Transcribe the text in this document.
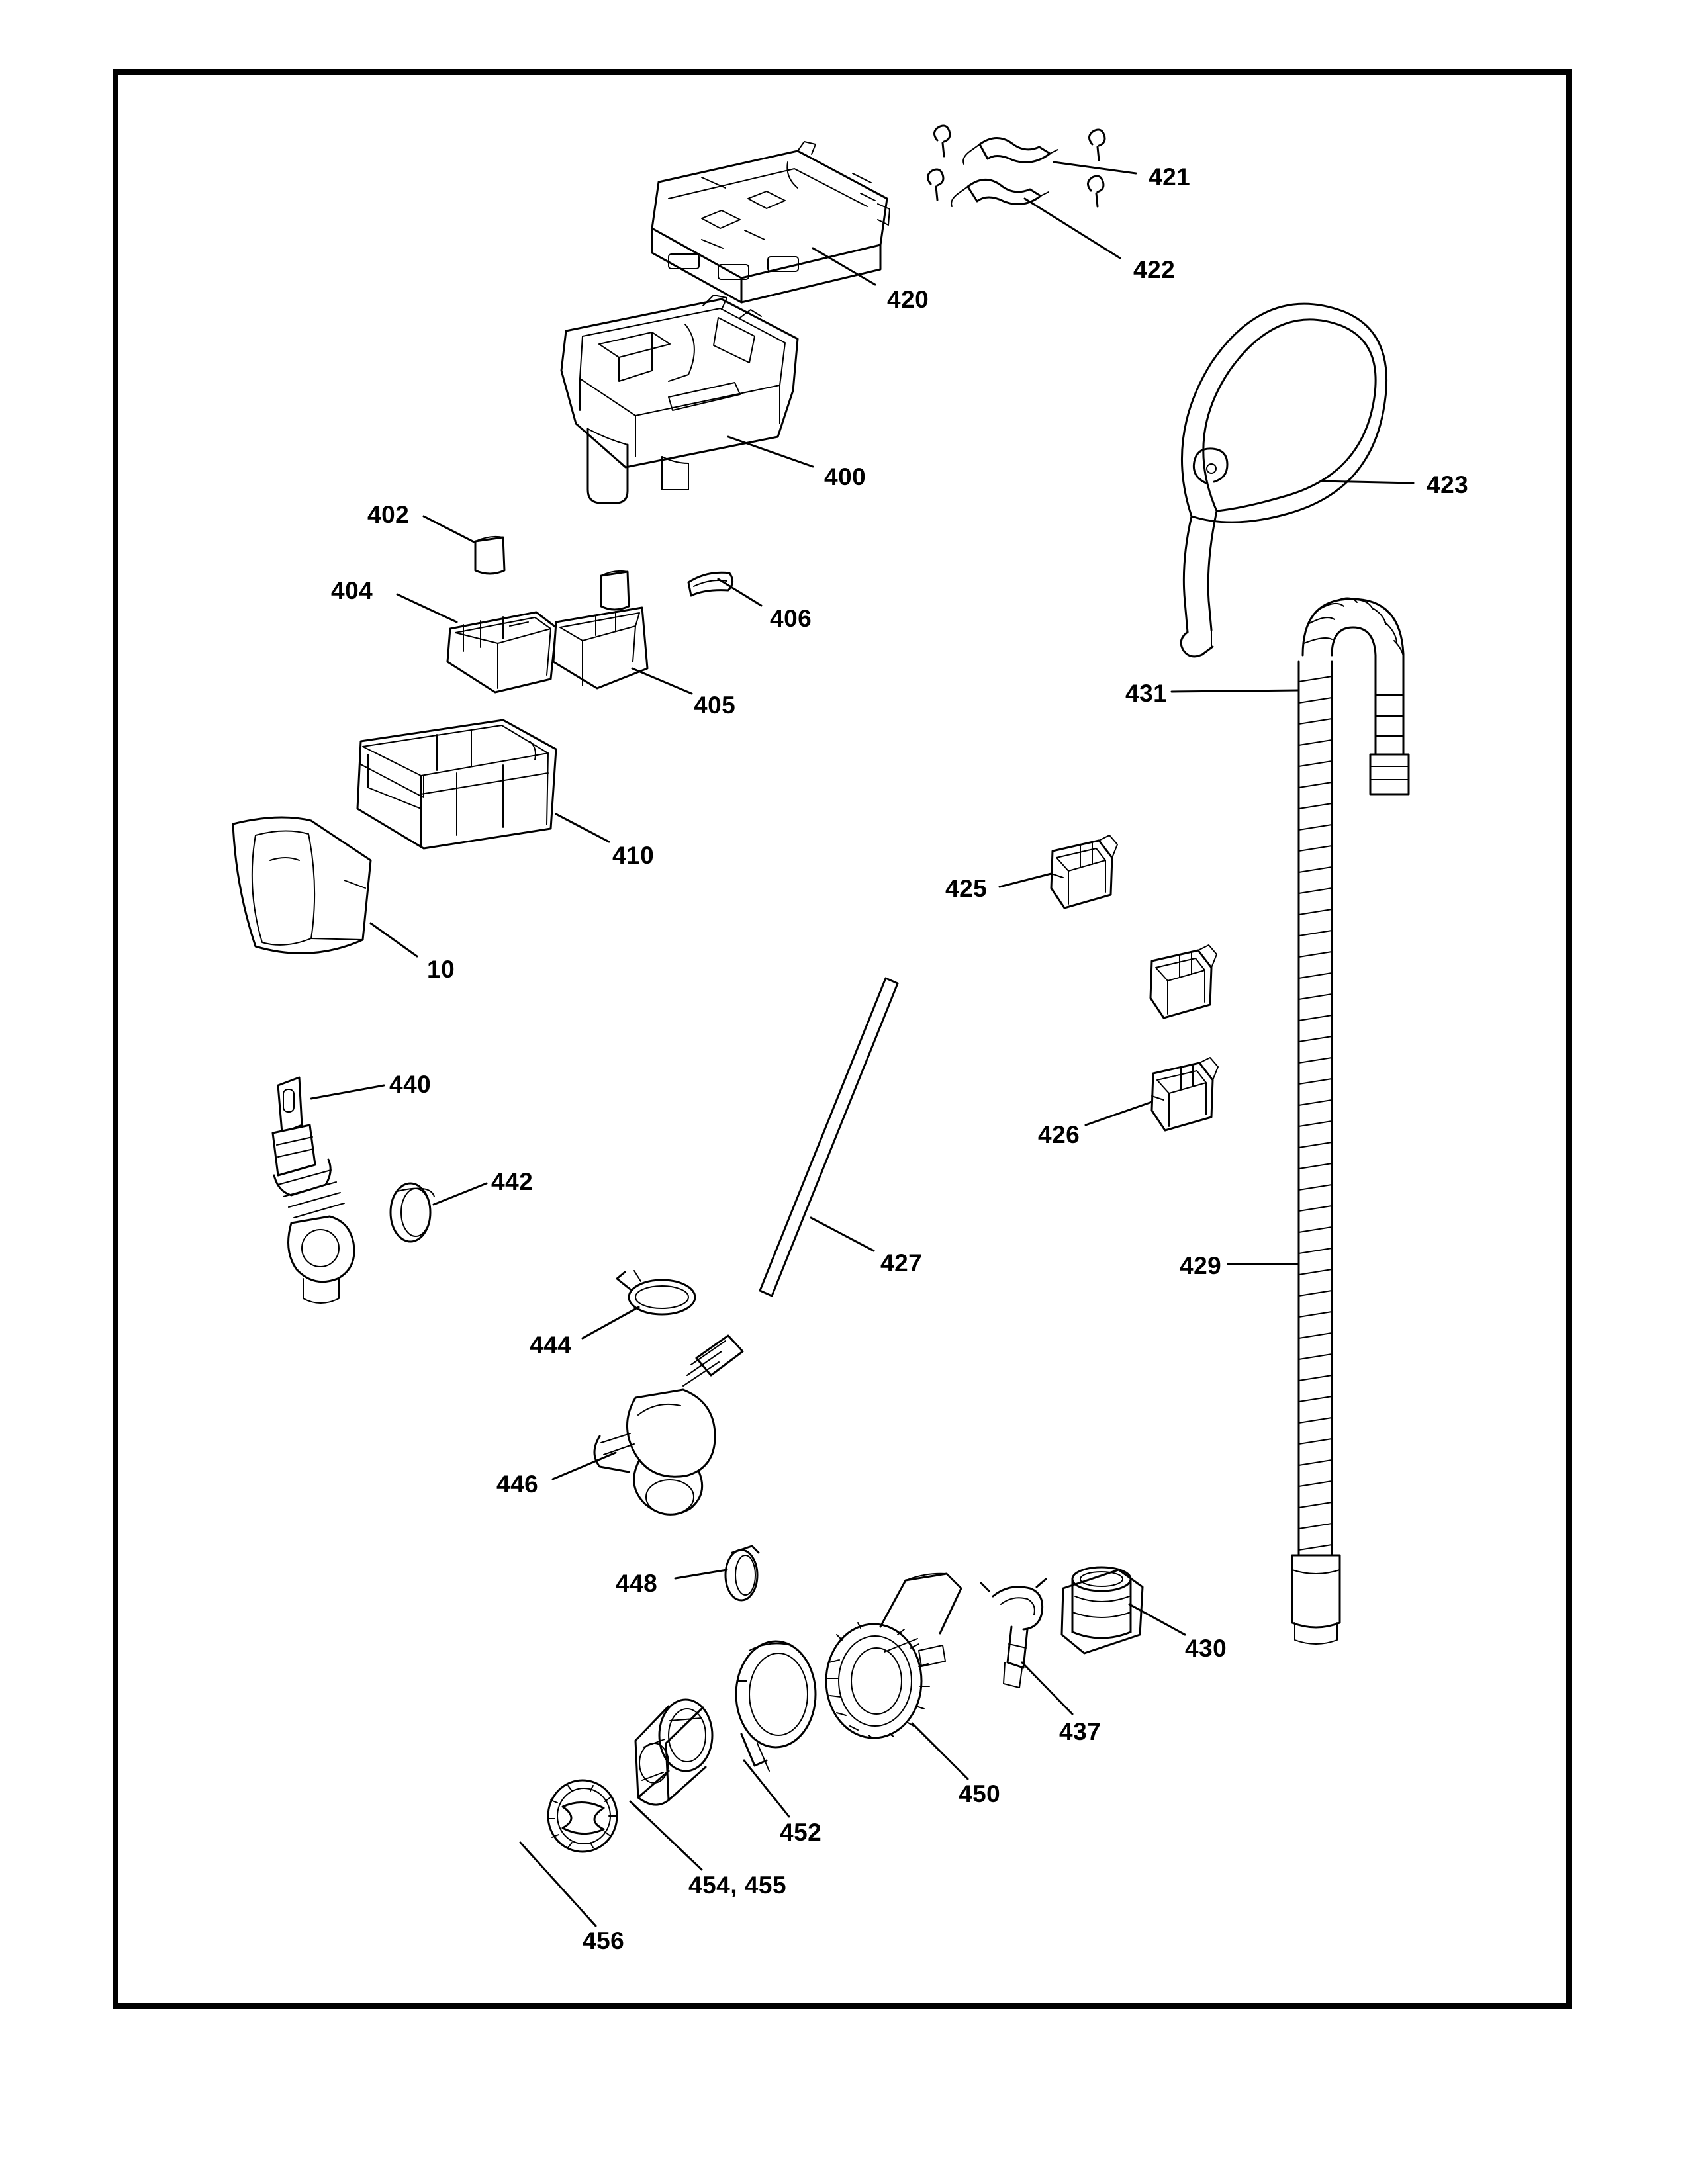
420
421
422
400
402
404
406
405
410
10
423
431
425
426
427	429
440
442
444
446
448
430
437
450
452
454, 455
456
